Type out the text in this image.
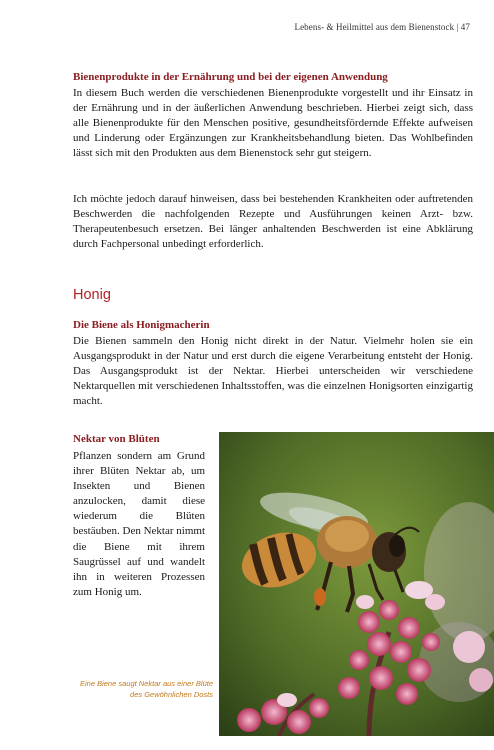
Lebens- & Heilmittel aus dem Bienenstock | 47
Bienenprodukte in der Ernährung und bei der eigenen Anwendung

In diesem Buch werden die verschiedenen Bienenprodukte vorgestellt und ihr Einsatz in der Ernährung und in der äußerlichen Anwendung beschrieben. Hierbei zeigt sich, dass alle Bienenprodukte für den Menschen positive, gesundheitsfördernde Effekte aufweisen und Linderung oder Ergänzungen zur Krankheitsbehandlung bieten. Das Wohlbefinden lässt sich mit den Produkten aus dem Bienenstock sehr gut steigern.

Ich möchte jedoch darauf hinweisen, dass bei bestehenden Krankheiten oder auftretenden Beschwerden die nachfolgenden Rezepte und Ausführungen keinen Arzt- bzw. Therapeutenbesuch ersetzen. Bei länger anhaltenden Beschwerden ist eine Abklärung durch Fachpersonal unbedingt erforderlich.

Honig
Die Biene als Honigmacherin

Die Bienen sammeln den Honig nicht direkt in der Natur. Vielmehr holen sie ein Ausgangsprodukt in der Natur und erst durch die eigene Verarbeitung entsteht der Honig. Das Ausgangsprodukt ist der Nektar. Hierbei unterscheiden wir verschiedene Nektarquellen mit verschiedenen Inhaltsstoffen, was die einzelnen Honigsorten einzigartig macht.

Nektar von Blüten

Pflanzen sondern am Grund ihrer Blüten Nektar ab, um Insekten und Bienen anzulocken, damit diese wiederum die Blüten bestäuben. Den Nektar nimmt die Biene mit ihrem Saugrüssel auf und wandelt ihn in weiteren Prozessen zum Honig um.

Eine Biene saugt Nektar aus einer Blüte des Gewöhnlichen Dosts
